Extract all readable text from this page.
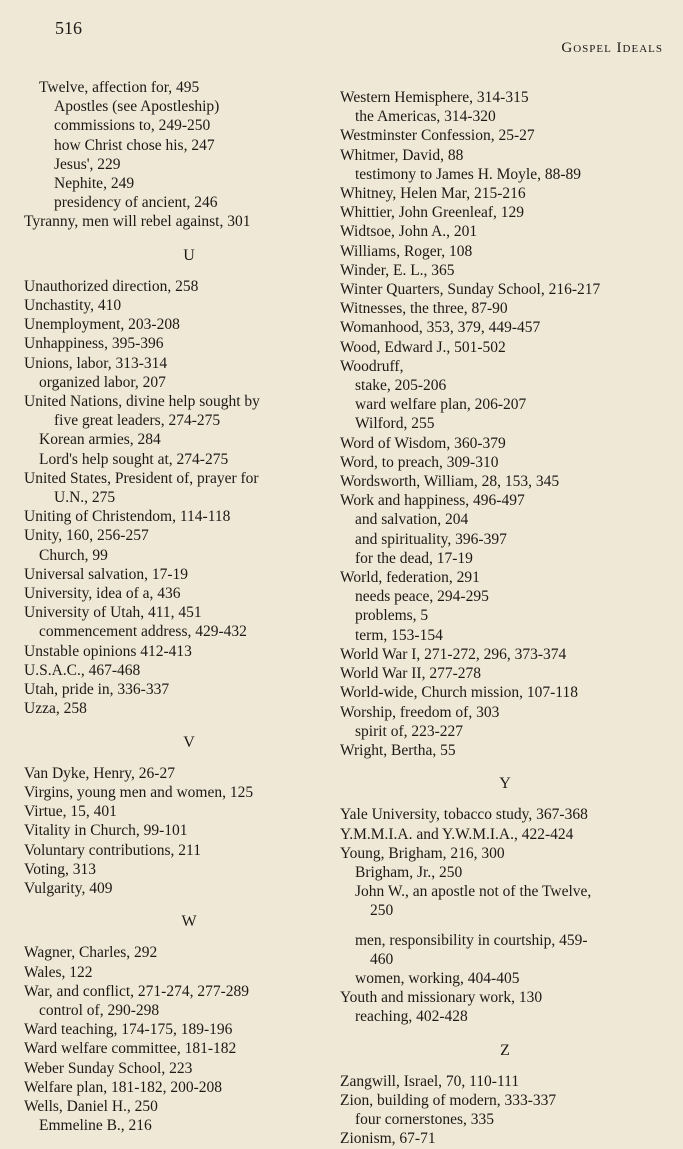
516
Gospel Ideals
Twelve, affection for, 495
Apostles (see Apostleship)
commissions to, 249-250
how Christ chose his, 247
Jesus', 229
Nephite, 249
presidency of ancient, 246
Tyranny, men will rebel against, 301
U
Unauthorized direction, 258
Unchastity, 410
Unemployment, 203-208
Unhappiness, 395-396
Unions, labor, 313-314
organized labor, 207
United Nations, divine help sought by
five great leaders, 274-275
Korean armies, 284
Lord's help sought at, 274-275
United States, President of, prayer for
U.N., 275
Uniting of Christendom, 114-118
Unity, 160, 256-257
Church, 99
Universal salvation, 17-19
University, idea of a, 436
University of Utah, 411, 451
commencement address, 429-432
Unstable opinions 412-413
U.S.A.C., 467-468
Utah, pride in, 336-337
Uzza, 258
V
Van Dyke, Henry, 26-27
Virgins, young men and women, 125
Virtue, 15, 401
Vitality in Church, 99-101
Voluntary contributions, 211
Voting, 313
Vulgarity, 409
W
Wagner, Charles, 292
Wales, 122
War, and conflict, 271-274, 277-289
control of, 290-298
Ward teaching, 174-175, 189-196
Ward welfare committee, 181-182
Weber Sunday School, 223
Welfare plan, 181-182, 200-208
Wells, Daniel H., 250
Emmeline B., 216
Western Hemisphere, 314-315
the Americas, 314-320
Westminster Confession, 25-27
Whitmer, David, 88
testimony to James H. Moyle, 88-89
Whitney, Helen Mar, 215-216
Whittier, John Greenleaf, 129
Widtsoe, John A., 201
Williams, Roger, 108
Winder, E. L., 365
Winter Quarters, Sunday School, 216-217
Witnesses, the three, 87-90
Womanhood, 353, 379, 449-457
Wood, Edward J., 501-502
Woodruff,
stake, 205-206
ward welfare plan, 206-207
Wilford, 255
Word of Wisdom, 360-379
Word, to preach, 309-310
Wordsworth, William, 28, 153, 345
Work and happiness, 496-497
and salvation, 204
and spirituality, 396-397
for the dead, 17-19
World, federation, 291
needs peace, 294-295
problems, 5
term, 153-154
World War I, 271-272, 296, 373-374
World War II, 277-278
World-wide, Church mission, 107-118
Worship, freedom of, 303
spirit of, 223-227
Wright, Bertha, 55
Y
Yale University, tobacco study, 367-368
Y.M.M.I.A. and Y.W.M.I.A., 422-424
Young, Brigham, 216, 300
Brigham, Jr., 250
John W., an apostle not of the Twelve,
250
men, responsibility in courtship, 459-
460
women, working, 404-405
Youth and missionary work, 130
reaching, 402-428
Z
Zangwill, Israel, 70, 110-111
Zion, building of modern, 333-337
four cornerstones, 335
Zionism, 67-71
